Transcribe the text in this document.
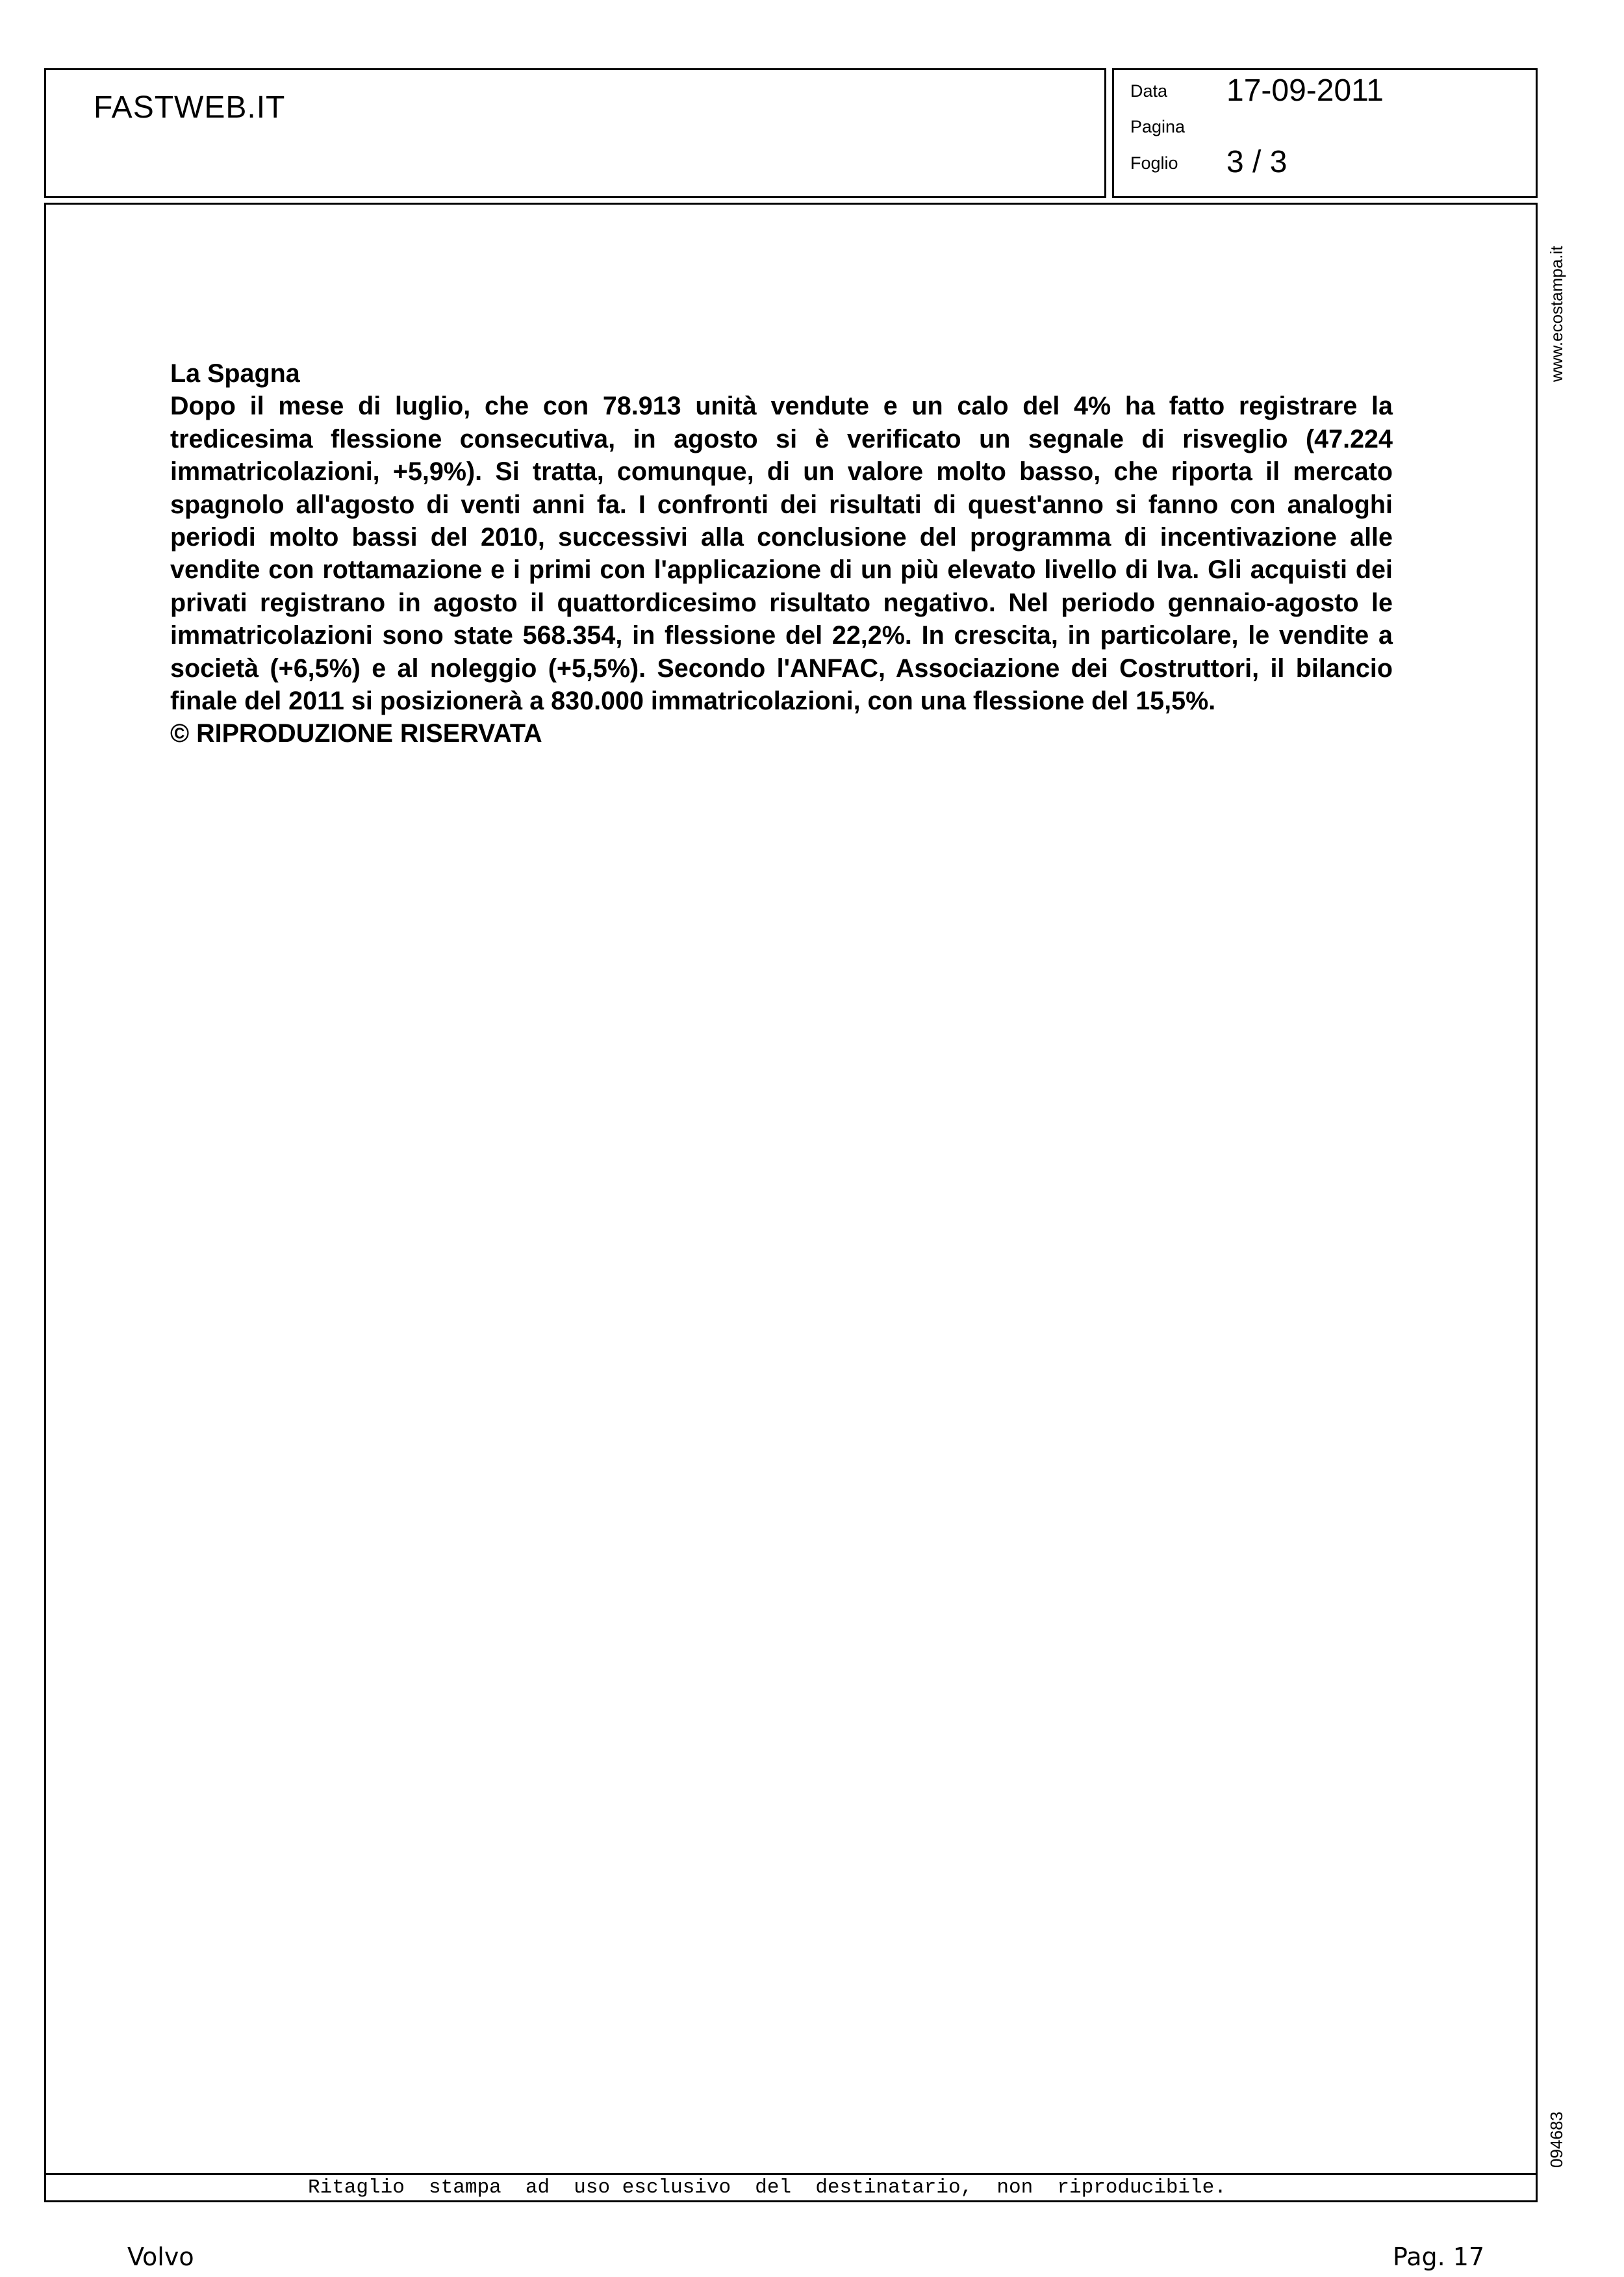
FASTWEB.IT	Data 17-09-2011
Pagina
Foglio 3 / 3

La Spagna

Dopo il mese di luglio, che con 78.913 unità vendute e un calo del 4% ha fatto registrare la tredicesima flessione consecutiva, in agosto si è verificato un segnale di risveglio (47.224 immatricolazioni, +5,9%). Si tratta, comunque, di un valore molto basso, che riporta il mercato spagnolo all'agosto di venti anni fa. I confronti dei risultati di quest'anno si fanno con analoghi periodi molto bassi del 2010, successivi alla conclusione del programma di incentivazione alle vendite con rottamazione e i primi con l'applicazione di un più elevato livello di Iva. Gli acquisti dei privati registrano in agosto il quattordicesimo risultato negativo. Nel periodo gennaio-agosto le immatricolazioni sono state 568.354, in flessione del 22,2%. In crescita, in particolare, le vendite a società (+6,5%) e al noleggio (+5,5%). Secondo l'ANFAC, Associazione dei Costruttori, il bilancio finale del 2011 si posizionerà a 830.000 immatricolazioni, con una flessione del 15,5%.

© RIPRODUZIONE RISERVATA

www.ecostampa.it
094683
Ritaglio  stampa  ad  uso esclusivo  del  destinatario,  non  riproducibile.
Volvo	Pag. 17
